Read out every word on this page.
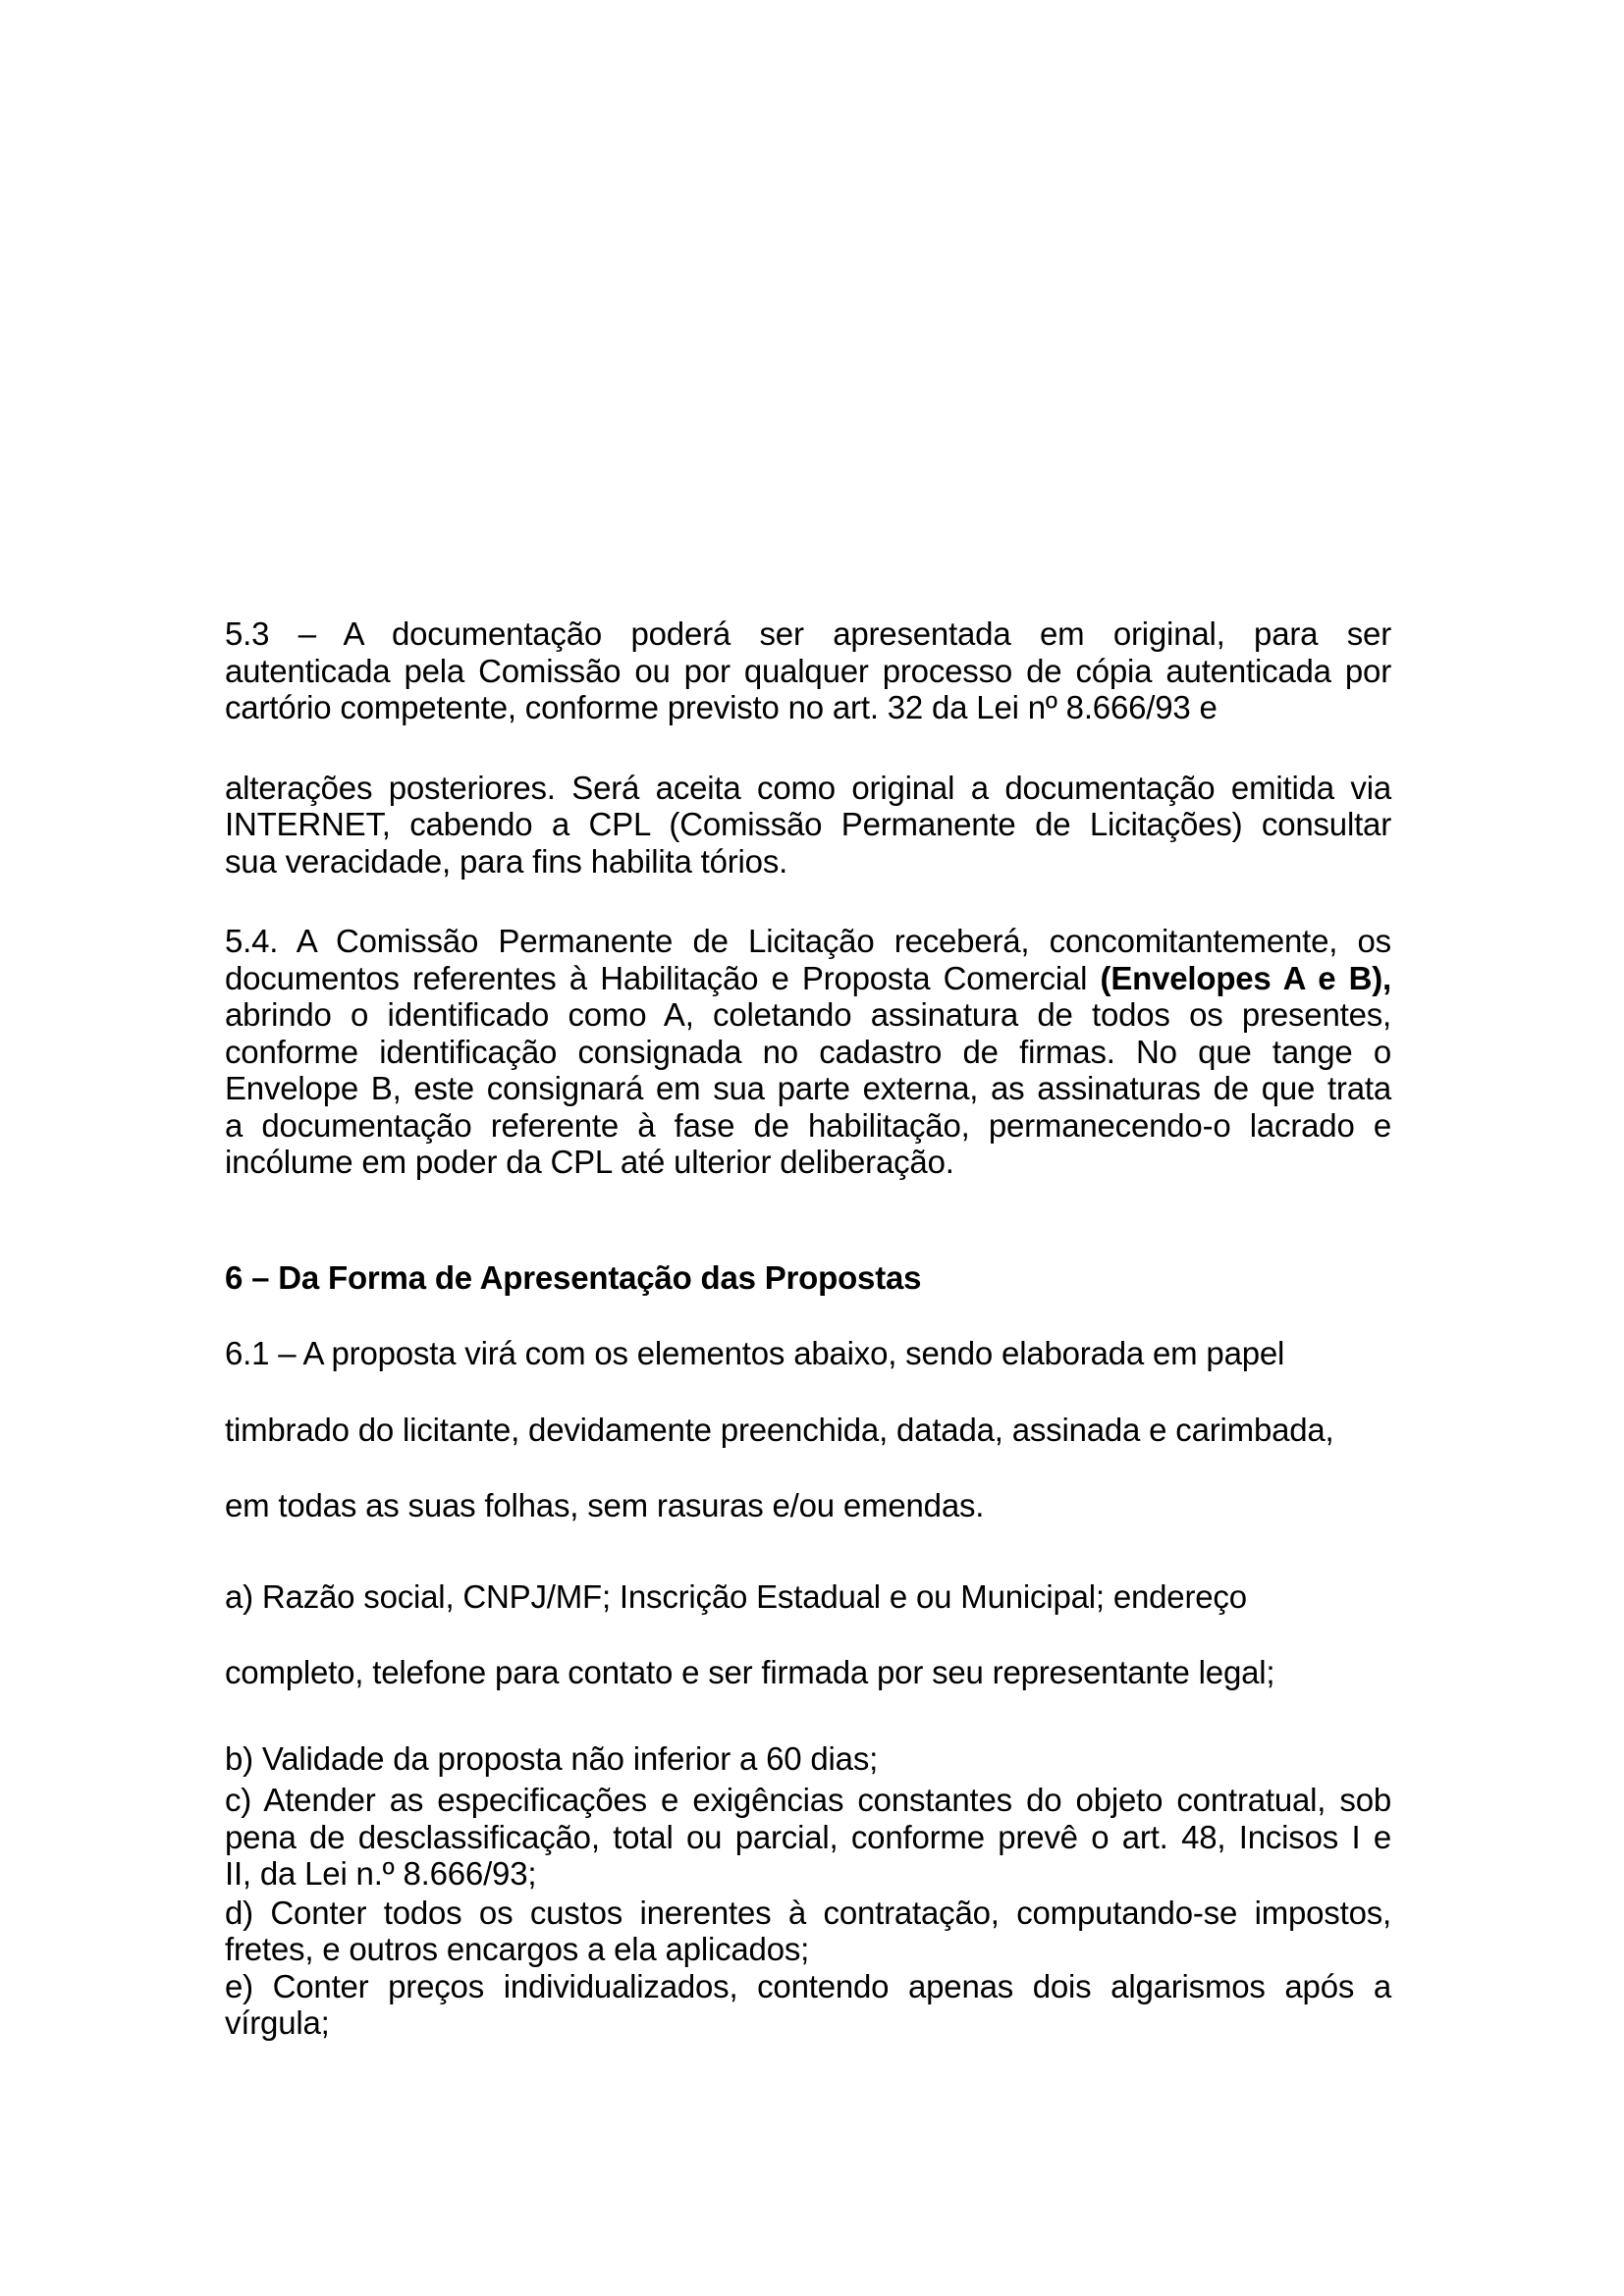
5.3 – A documentação poderá ser apresentada em original, para ser
autenticada pela Comissão ou por qualquer processo de cópia autenticada por
cartório competente, conforme previsto no art. 32 da Lei nº 8.666/93 e
alterações posteriores. Será aceita como original a documentação emitida via
INTERNET, cabendo a CPL (Comissão Permanente de Licitações) consultar
sua veracidade, para fins habilita tórios.
5.4. A Comissão Permanente de Licitação receberá, concomitantemente, os
documentos referentes à Habilitação e Proposta Comercial (Envelopes A e B),
abrindo o identificado como A, coletando assinatura de todos os presentes,
conforme identificação consignada no cadastro de firmas. No que tange o
Envelope B, este consignará em sua parte externa, as assinaturas de que trata
a documentação referente à fase de habilitação, permanecendo-o lacrado e
incólume em poder da CPL até ulterior deliberação.
6 – Da Forma de Apresentação das Propostas
6.1 – A proposta virá com os elementos abaixo, sendo elaborada em papel
timbrado do licitante, devidamente preenchida, datada, assinada e carimbada,
em todas as suas folhas, sem rasuras e/ou emendas.
a) Razão social, CNPJ/MF; Inscrição Estadual e ou Municipal; endereço
completo, telefone para contato e ser firmada por seu representante legal;
b) Validade da proposta não inferior a 60 dias;
c) Atender as especificações e exigências constantes do objeto contratual, sob
pena de desclassificação, total ou parcial, conforme prevê o art. 48, Incisos I e
II, da Lei n.º 8.666/93;
d) Conter todos os custos inerentes à contratação, computando-se impostos,
fretes, e outros encargos a ela aplicados;
e) Conter preços individualizados, contendo apenas dois algarismos após a
vírgula;
